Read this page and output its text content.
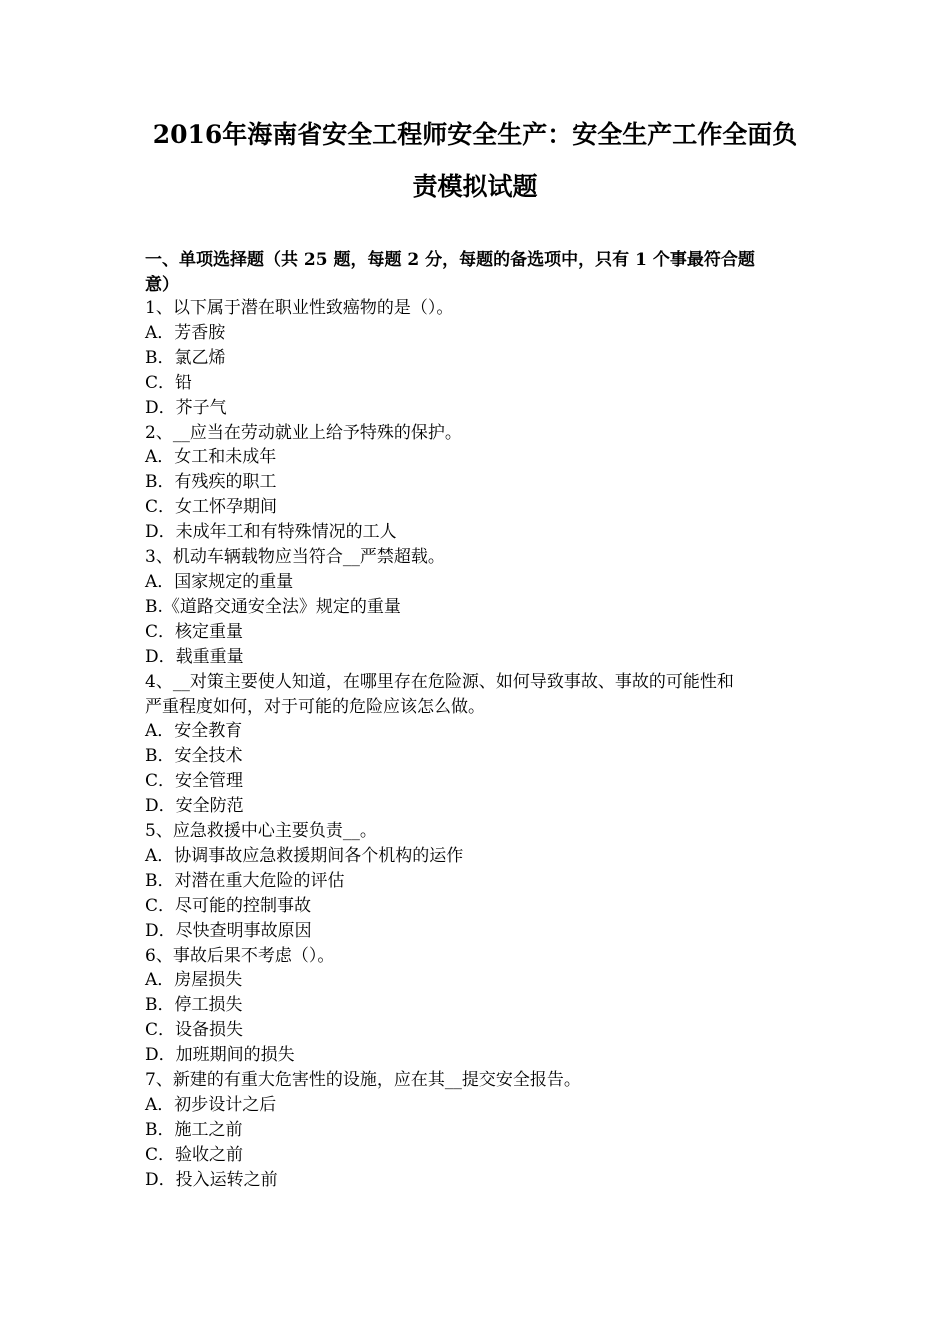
2016年海南省安全工程师安全生产：安全生产工作全面负
责模拟试题
一、单项选择题（共 25 题，每题 2 分，每题的备选项中，只有 1 个事最符合题
意）
1、以下属于潜在职业性致癌物的是（）。
A．芳香胺
B．氯乙烯
C．铅
D．芥子气
2、__应当在劳动就业上给予特殊的保护。
A．女工和未成年
B．有残疾的职工
C．女工怀孕期间
D．未成年工和有特殊情况的工人
3、机动车辆载物应当符合__严禁超载。
A．国家规定的重量
B.《道路交通安全法》规定的重量
C．核定重量
D．载重重量
4、__对策主要使人知道，在哪里存在危险源、如何导致事故、事故的可能性和
严重程度如何，对于可能的危险应该怎么做。
A．安全教育
B．安全技术
C．安全管理
D．安全防范
5、应急救援中心主要负责__。
A．协调事故应急救援期间各个机构的运作
B．对潜在重大危险的评估
C．尽可能的控制事故
D．尽快查明事故原因
6、事故后果不考虑（）。
A．房屋损失
B．停工损失
C．设备损失
D．加班期间的损失
7、新建的有重大危害性的设施，应在其__提交安全报告。
A．初步设计之后
B．施工之前
C．验收之前
D．投入运转之前
